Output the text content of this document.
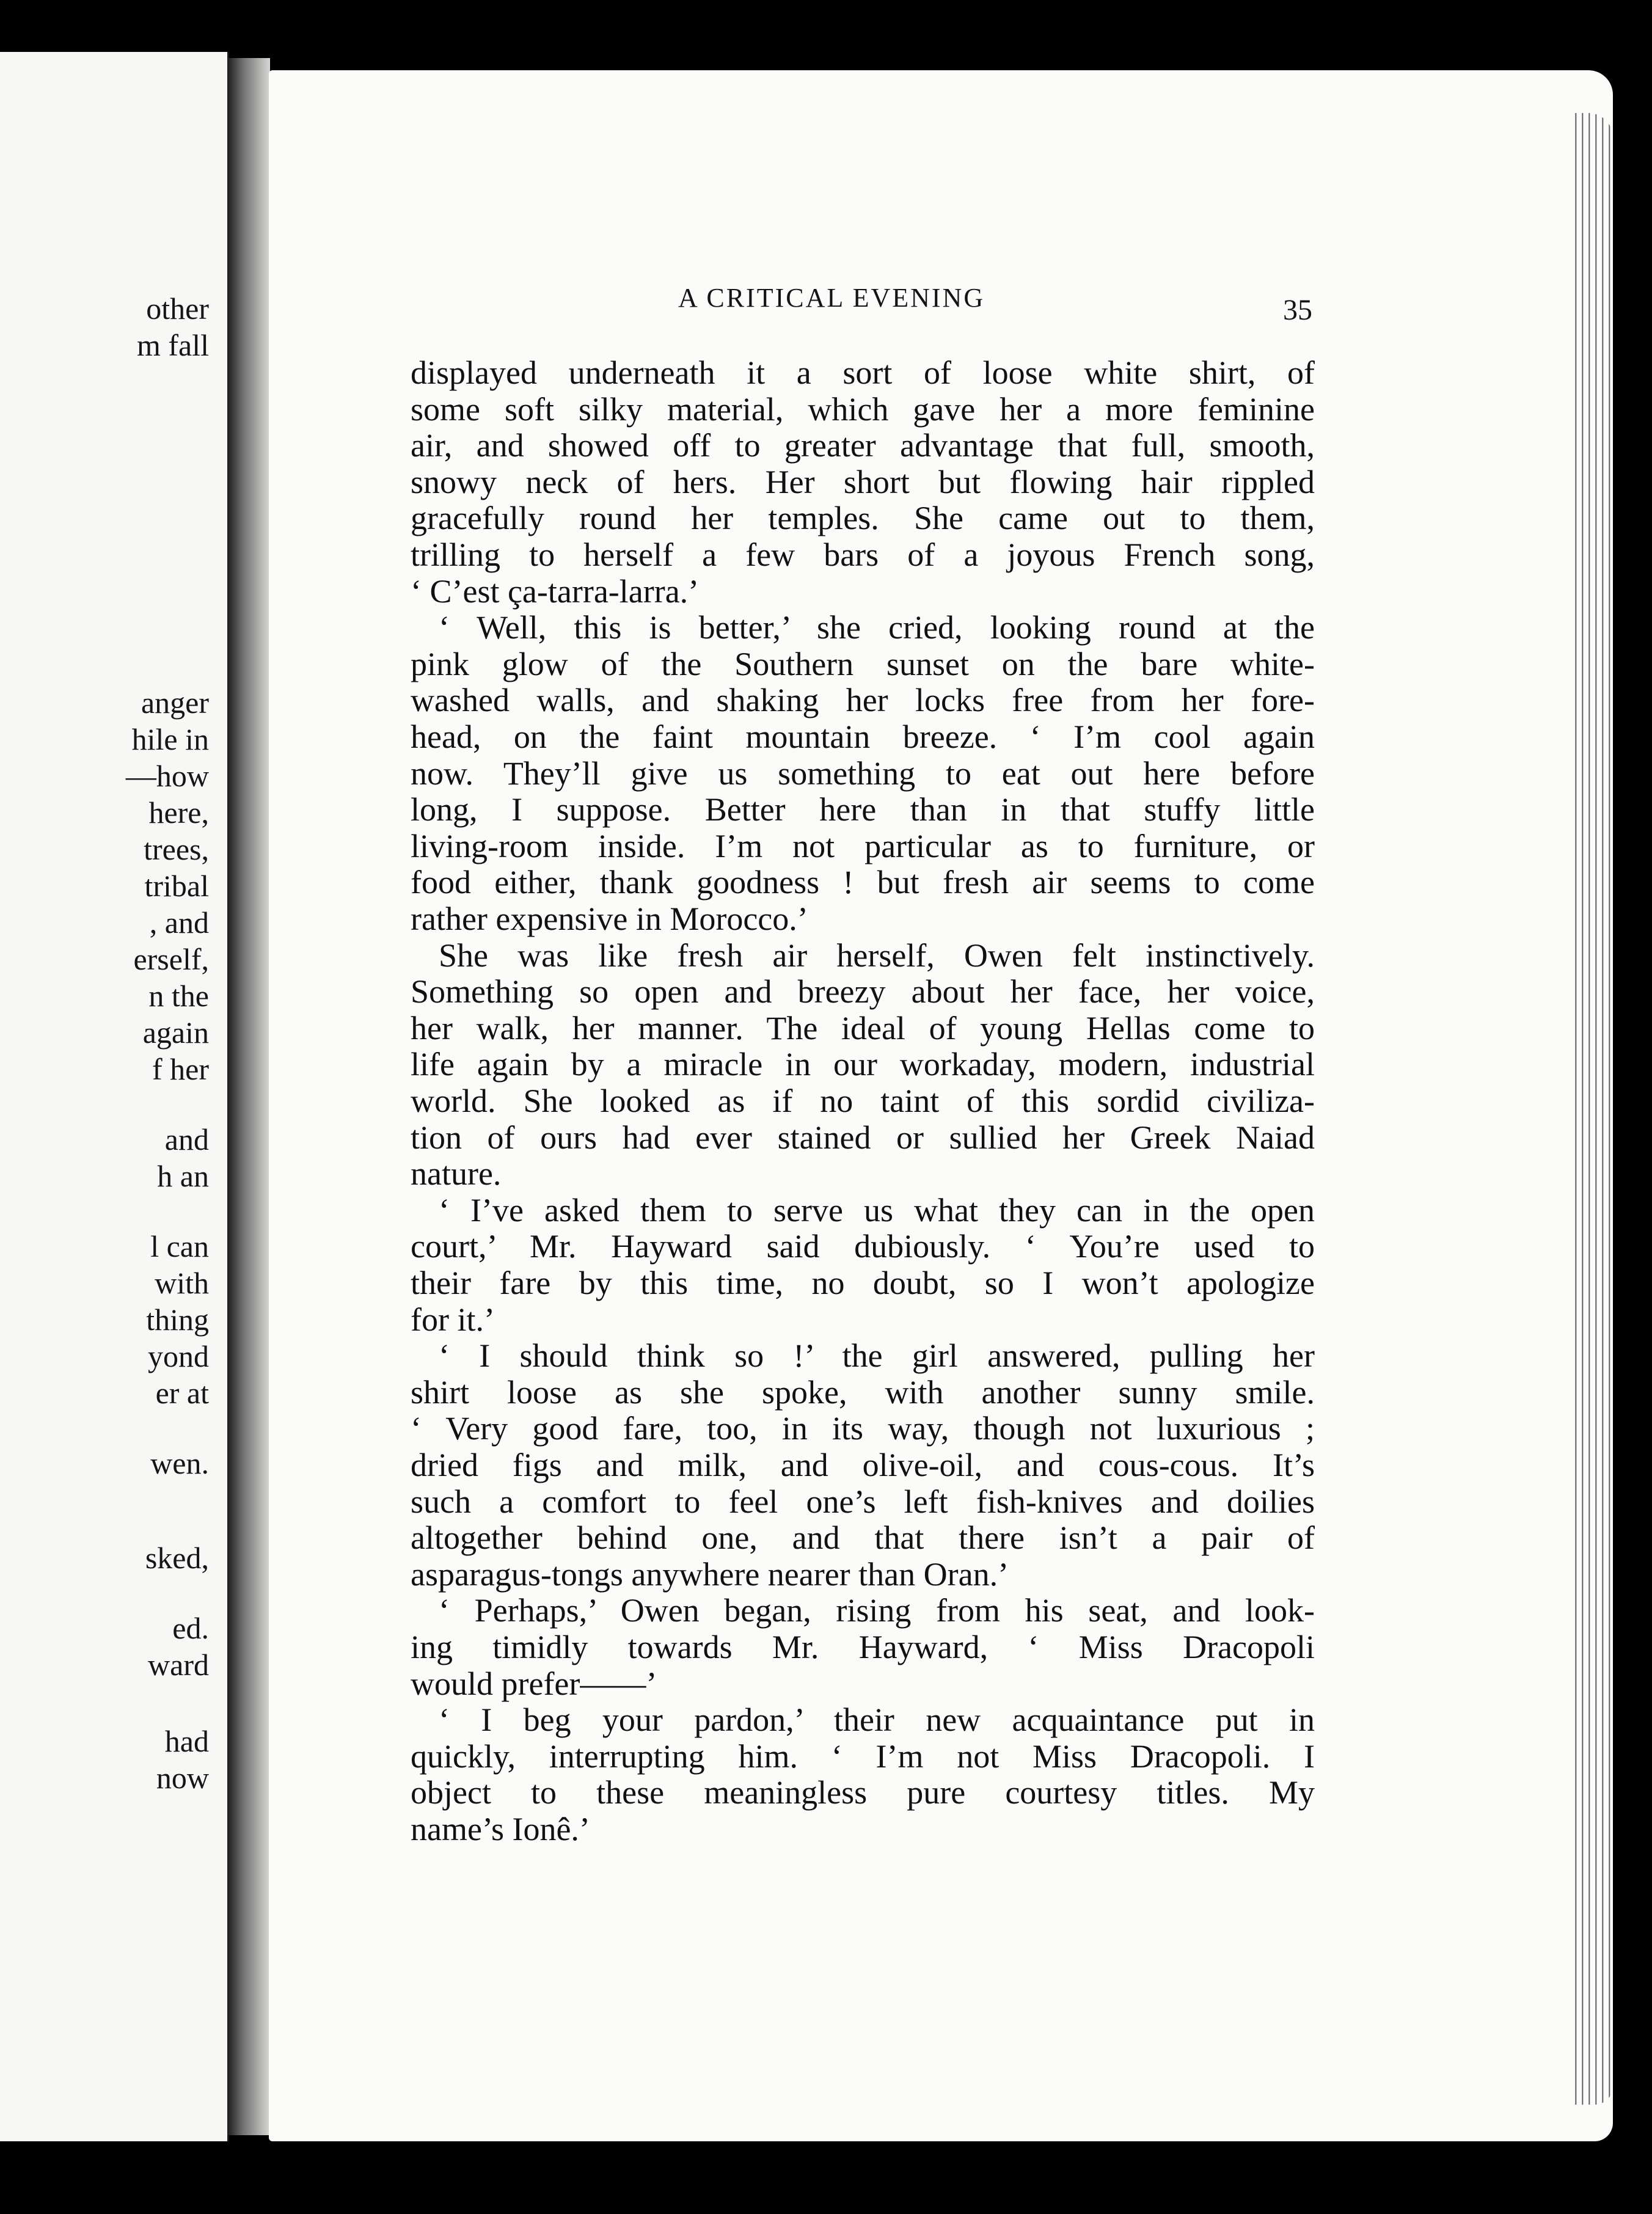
other
m fall
anger
hile in
—how
here,
trees,
tribal
, and
erself,
n the
again
f her
and
h an
l can
with
thing
yond
er at
wen.
sked,
ed.
ward
had
now
A CRITICAL EVENING	35
displayed underneath it a sort of loose white shirt, of
some soft silky material, which gave her a more feminine
air, and showed off to greater advantage that full, smooth,
snowy neck of hers. Her short but flowing hair rippled
gracefully round her temples. She came out to them,
trilling to herself a few bars of a joyous French song,
‘ C’est ça-tarra-larra.’
‘ Well, this is better,’ she cried, looking round at the
pink glow of the Southern sunset on the bare white-
washed walls, and shaking her locks free from her fore-
head, on the faint mountain breeze. ‘ I’m cool again
now. They’ll give us something to eat out here before
long, I suppose. Better here than in that stuffy little
living-room inside. I’m not particular as to furniture, or
food either, thank goodness ! but fresh air seems to come
rather expensive in Morocco.’
She was like fresh air herself, Owen felt instinctively.
Something so open and breezy about her face, her voice,
her walk, her manner. The ideal of young Hellas come to
life again by a miracle in our workaday, modern, industrial
world. She looked as if no taint of this sordid civiliza-
tion of ours had ever stained or sullied her Greek Naiad
nature.
‘ I’ve asked them to serve us what they can in the open
court,’ Mr. Hayward said dubiously. ‘ You’re used to
their fare by this time, no doubt, so I won’t apologize
for it.’
‘ I should think so !’ the girl answered, pulling her
shirt loose as she spoke, with another sunny smile.
‘ Very good fare, too, in its way, though not luxurious ;
dried figs and milk, and olive-oil, and cous-cous. It’s
such a comfort to feel one’s left fish-knives and doilies
altogether behind one, and that there isn’t a pair of
asparagus-tongs anywhere nearer than Oran.’
‘ Perhaps,’ Owen began, rising from his seat, and look-
ing timidly towards Mr. Hayward, ‘ Miss Dracopoli
would prefer——’
‘ I beg your pardon,’ their new acquaintance put in
quickly, interrupting him. ‘ I’m not Miss Dracopoli. I
object to these meaningless pure courtesy titles. My
name’s Ionê.’
